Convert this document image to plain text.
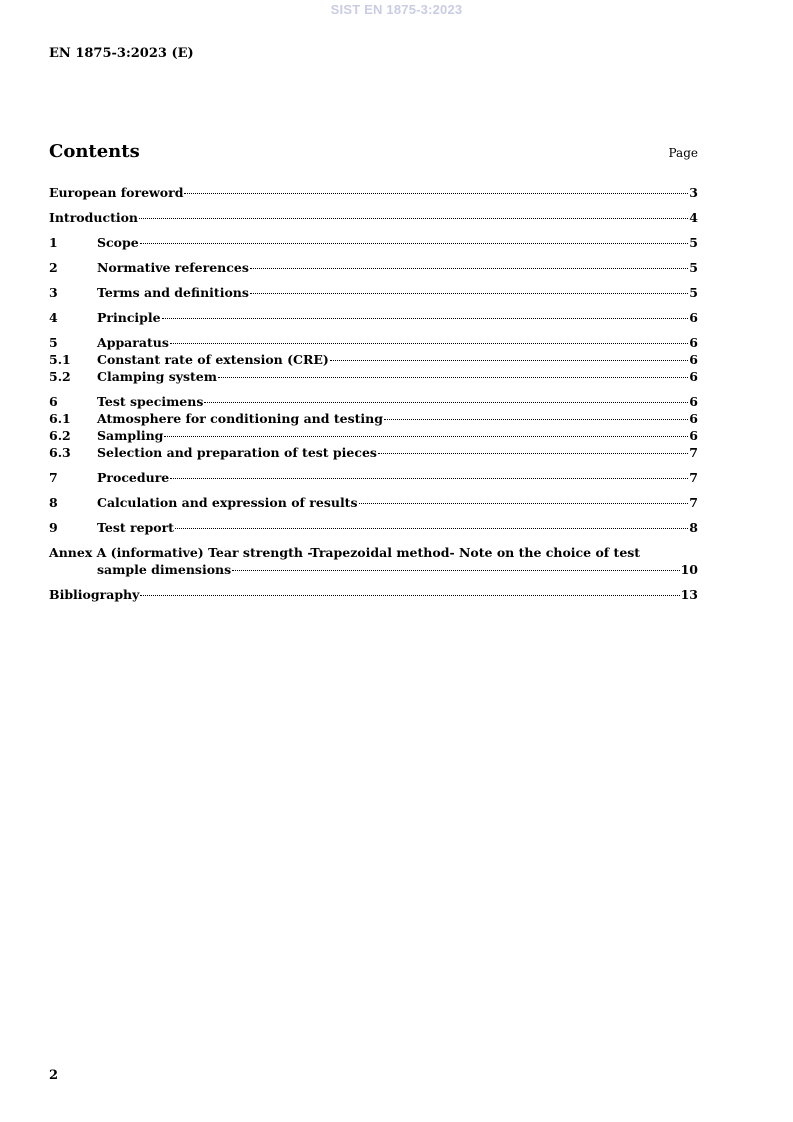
SIST EN 1875-3:2023
EN 1875-3:2023 (E)
Contents	Page
European foreword	3
Introduction	4
1	Scope	5
2	Normative references	5
3	Terms and definitions	5
4	Principle	6
5	Apparatus	6
5.1	Constant rate of extension (CRE)	6
5.2	Clamping system	6
6	Test specimens	6
6.1	Atmosphere for conditioning and testing	6
6.2	Sampling	6
6.3	Selection and preparation of test pieces	7
7	Procedure	7
8	Calculation and expression of results	7
9	Test report	8
Annex A (informative) Tear strength -Trapezoidal method- Note on the choice of test
sample dimensions	10
Bibliography	13
2
